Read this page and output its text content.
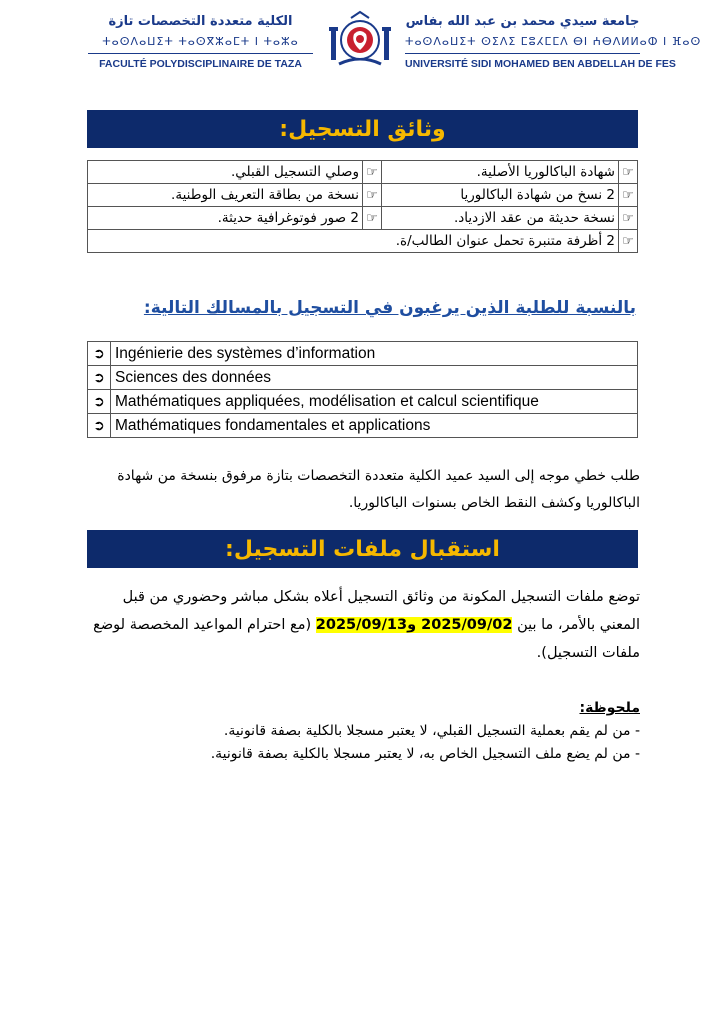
الكلية متعددة التخصصات تازة
ⵜⴰⵙⴷⴰⵡⵉⵜ ⵜⴰⵙⴳⵣⴰⵎⵜ Ⅰ ⵜⴰⵣⴰ
FACULTÉ POLYDISCIPLINAIRE DE TAZA
جامعة سيدي محمد بن عبد الله بفاس
ⵜⴰⵙⴷⴰⵡⵉⵜ ⵙⵉⴷⵉ ⵎⵓⵃⵎⵎⴷ ⴱⵏ ⵄⴱⴷⵍⵍⴰⵀ ⵏ ⴼⴰⵙ
UNIVERSITÉ SIDI MOHAMED BEN ABDELLAH DE FES
وثائق التسجيل:
☞	شهادة الباكالوريا الأصلية.	☞	وصلي التسجيل القبلي.
☞	2 نسخ من شهادة الباكالوريا	☞	نسخة من بطاقة التعريف الوطنية.
☞	نسخة حديثة من عقد الازدياد.	☞	2 صور فوتوغرافية حديثة.
☞	2 أظرفة متنبرة تحمل عنوان الطالب/ة.		
بالنسبة للطلبة الذين يرغبون في التسجيل بالمسالك التالية:
➲	Ingénierie des systèmes d’information
➲	Sciences des données
➲	Mathématiques appliquées, modélisation et calcul scientifique
➲	Mathématiques fondamentales et applications
طلب خطي موجه إلى السيد عميد الكلية متعددة التخصصات بتازة مرفوق بنسخة من شهادة
الباكالوريا وكشف النقط الخاص بسنوات الباكالوريا.
استقبال ملفات التسجيل:
توضع ملفات التسجيل المكونة من وثائق التسجيل أعلاه بشكل مباشر وحضوري من قبل
المعني بالأمر، ما بين 2025/09/02 و2025/09/13 (مع احترام المواعيد المخصصة لوضع
ملفات التسجيل).
ملحوظة:
- من لم يقم بعملية التسجيل القبلي، لا يعتبر مسجلا بالكلية بصفة قانونية.
- من لم يضع ملف التسجيل الخاص به، لا يعتبر مسجلا بالكلية بصفة قانونية.
